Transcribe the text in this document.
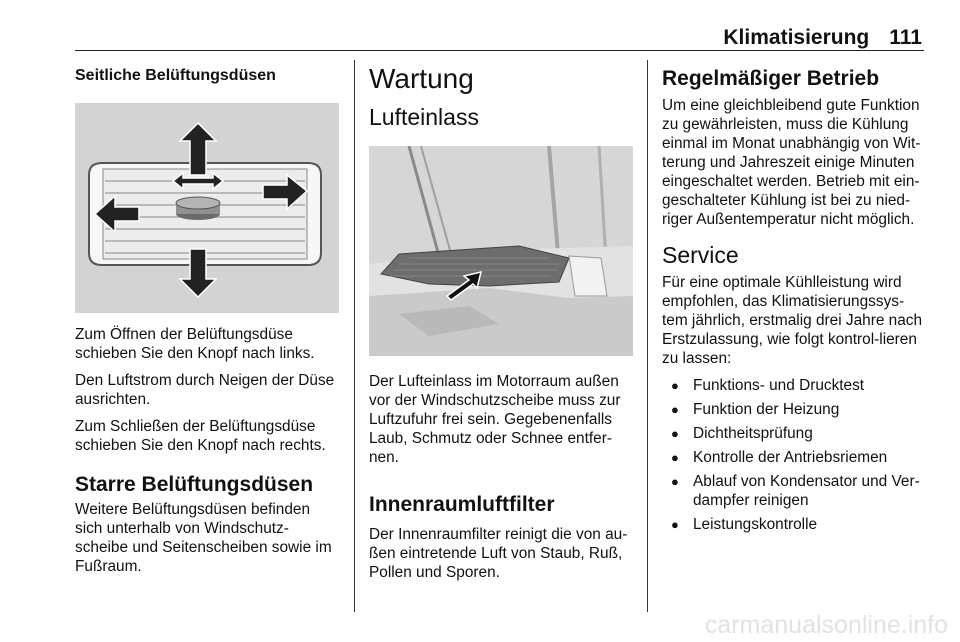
Klimatisierung 111
Seitliche Belüftungsdüsen

Zum Öffnen der Belüftungsdüse schieben Sie den Knopf nach links.

Den Luftstrom durch Neigen der Düse ausrichten.

Zum Schließen der Belüftungsdüse schieben Sie den Knopf nach rechts.

Starre Belüftungsdüsen

Weitere Belüftungsdüsen befinden sich unterhalb von Windschutz-scheibe und Seitenscheiben sowie im Fußraum.

Wartung
Lufteinlass

Der Lufteinlass im Motorraum außen vor der Windschutzscheibe muss zur Luftzufuhr frei sein. Gegebenenfalls Laub, Schmutz oder Schnee entfer-nen.

Innenraumluftfilter

Der Innenraumfilter reinigt die von au-ßen eintretende Luft von Staub, Ruß, Pollen und Sporen.

Regelmäßiger Betrieb

Um eine gleichbleibend gute Funktion zu gewährleisten, muss die Kühlung einmal im Monat unabhängig von Wit-terung und Jahreszeit einige Minuten eingeschaltet werden. Betrieb mit ein-geschalteter Kühlung ist bei zu nied-riger Außentemperatur nicht möglich.

Service

Für eine optimale Kühlleistung wird empfohlen, das Klimatisierungssys-tem jährlich, erstmalig drei Jahre nach Erstzulassung, wie folgt kontrol-lieren zu lassen:

● Funktions- und Drucktest
● Funktion der Heizung
● Dichtheitsprüfung
● Kontrolle der Antriebsriemen
● Ablauf von Kondensator und Ver-dampfer reinigen
● Leistungskontrolle
carmanualsonline.info
